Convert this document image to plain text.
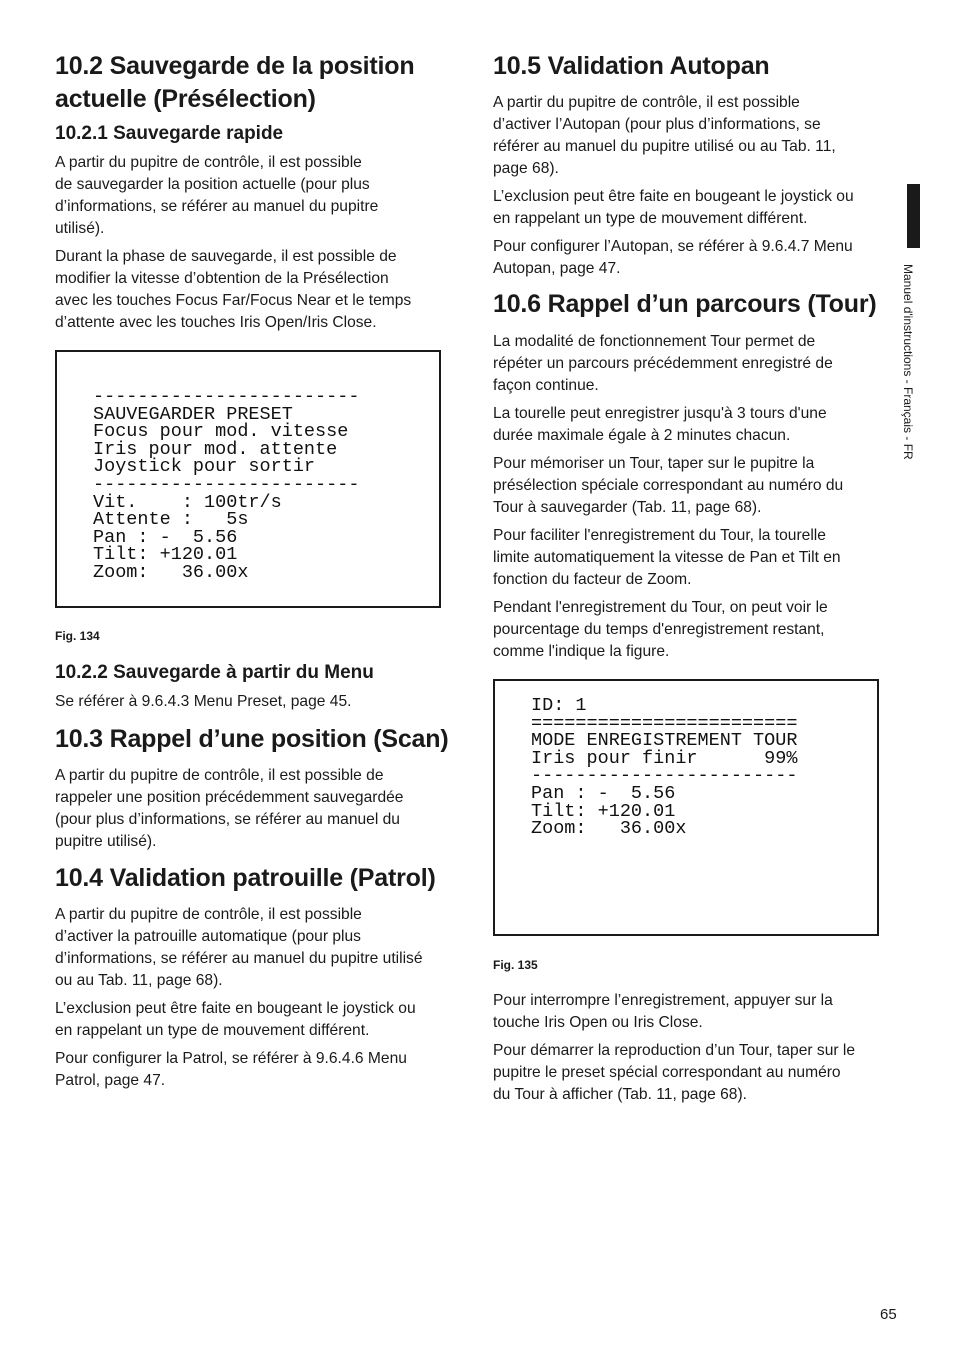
10.2 Sauvegarde de la position
actuelle (Présélection)
10.2.1 Sauvegarde rapide

A partir du pupitre de contrôle, il est possible
de sauvegarder la position actuelle (pour plus
d’informations, se référer au manuel du pupitre
utilisé).

Durant la phase de sauvegarde, il est possible de
modifier la vitesse d’obtention de la Présélection
avec les touches Focus Far/Focus Near et le temps
d’attente avec les touches Iris Open/Iris Close.

------------------------
SAUVEGARDER PRESET
Focus pour mod. vitesse
Iris pour mod. attente
Joystick pour sortir
------------------------
Vit.    : 100tr/s
Attente :   5s
Pan : -  5.56
Tilt: +120.01
Zoom:   36.00x

Fig. 134

10.2.2 Sauvegarde à partir du Menu

Se référer à 9.6.4.3 Menu Preset, page 45.

10.3 Rappel d’une position (Scan)

A partir du pupitre de contrôle, il est possible de
rappeler une position précédemment sauvegardée
(pour plus d’informations, se référer au manuel du
pupitre utilisé).

10.4 Validation patrouille (Patrol)

A partir du pupitre de contrôle, il est possible
d’activer la patrouille automatique (pour plus
d’informations, se référer au manuel du pupitre utilisé
ou au Tab. 11, page 68).

L’exclusion peut être faite en bougeant le joystick ou
en rappelant un type de mouvement différent.

Pour configurer la Patrol, se référer à 9.6.4.6 Menu
Patrol, page 47.

10.5 Validation Autopan

A partir du pupitre de contrôle, il est possible
d’activer l’Autopan (pour plus d’informations, se
référer au manuel du pupitre utilisé ou au Tab. 11,
page 68).

L’exclusion peut être faite en bougeant le joystick ou
en rappelant un type de mouvement différent.

Pour configurer l’Autopan, se référer à 9.6.4.7 Menu
Autopan, page 47.

10.6 Rappel d’un parcours (Tour)

La modalité de fonctionnement Tour permet de
répéter un parcours précédemment enregistré de
façon continue.

La tourelle peut enregistrer jusqu'à 3 tours d'une
durée maximale égale à 2 minutes chacun.

Pour mémoriser un Tour, taper sur le pupitre la
présélection spéciale correspondant au numéro du
Tour à sauvegarder (Tab. 11, page 68).

Pour faciliter l'enregistrement du Tour, la tourelle
limite automatiquement la vitesse de Pan et Tilt en
fonction du facteur de Zoom.

Pendant l'enregistrement du Tour, on peut voir le
pourcentage du temps d'enregistrement restant,
comme l'indique la figure.

ID: 1
========================
MODE ENREGISTREMENT TOUR
Iris pour finir      99%
------------------------
Pan : -  5.56
Tilt: +120.01
Zoom:   36.00x

Fig. 135

Pour interrompre l’enregistrement, appuyer sur la
touche Iris Open ou Iris Close.

Pour démarrer la reproduction d’un Tour, taper sur le
pupitre le preset spécial correspondant au numéro
du Tour à afficher (Tab. 11, page 68).

Manuel d'instructions - Français - FR
65
